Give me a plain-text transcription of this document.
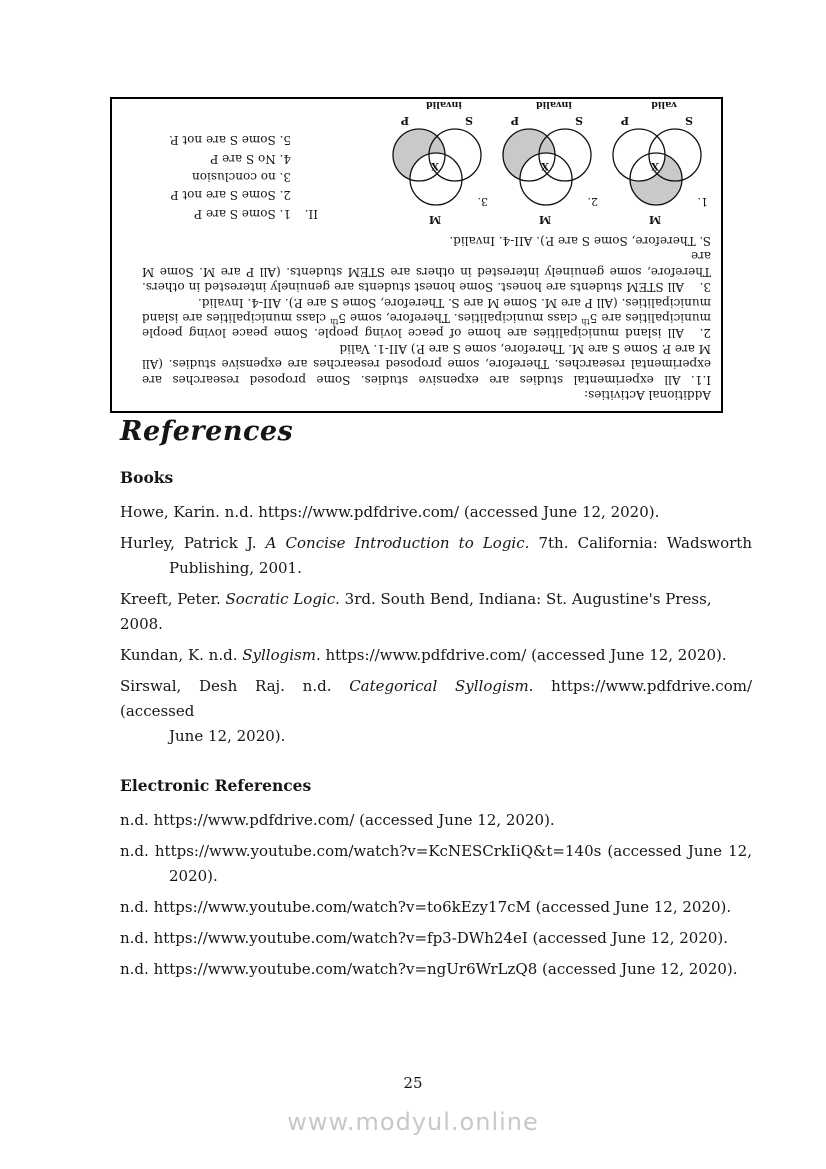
Additional Activities:
I.1. All experimental studies are expensive studies. Some proposed researches are
experimental researches. Therefore, some proposed researches are expensive studies. (All
M are P. Some S are M. Therefore, some S are P.) AII-1. Valid
2.All island municipalities are home of peace loving people. Some peace loving people
municipalities are 5th class municipalities. Therefore, some 5th class municipalities are island
municipalities. (All P are M. Some M are S. Therefore, Some S are P.). AII-4. Invalid.
3.All STEM students are honest. Some honest students are genuinely interested in others.
Therefore, some genuinely interested in others are STEM students. (All P are M. Some M are
S. Therefore, Some S are P.). AII-4. Invalid.
M
S
P
X
1.
valid
M
S
P
X
2.
invalid
M
S
P
X
3.
invalid
II.1. Some S are P
2. Some S are not P
3. no conclusion
4. No S are P
5. Some S are not P.
References
Books
Howe, Karin. n.d. https://www.pdfdrive.com/ (accessed June 12, 2020).
Hurley, Patrick J. A Concise Introduction to Logic. 7th. California: Wadsworth
Publishing, 2001.
Kreeft, Peter. Socratic Logic. 3rd. South Bend, Indiana: St. Augustine's Press, 2008.
Kundan, K. n.d. Syllogism. https://www.pdfdrive.com/ (accessed June 12, 2020).
Sirswal, Desh Raj. n.d. Categorical Syllogism. https://www.pdfdrive.com/ (accessed
June 12, 2020).
Electronic References
n.d. https://www.pdfdrive.com/ (accessed June 12, 2020).
n.d. https://www.youtube.com/watch?v=KcNESCrkIiQ&t=140s (accessed June 12,
2020).
n.d. https://www.youtube.com/watch?v=to6kEzy17cM (accessed June 12, 2020).
n.d. https://www.youtube.com/watch?v=fp3-DWh24eI (accessed June 12, 2020).
n.d. https://www.youtube.com/watch?v=ngUr6WrLzQ8 (accessed June 12, 2020).
25
www.modyul.online
